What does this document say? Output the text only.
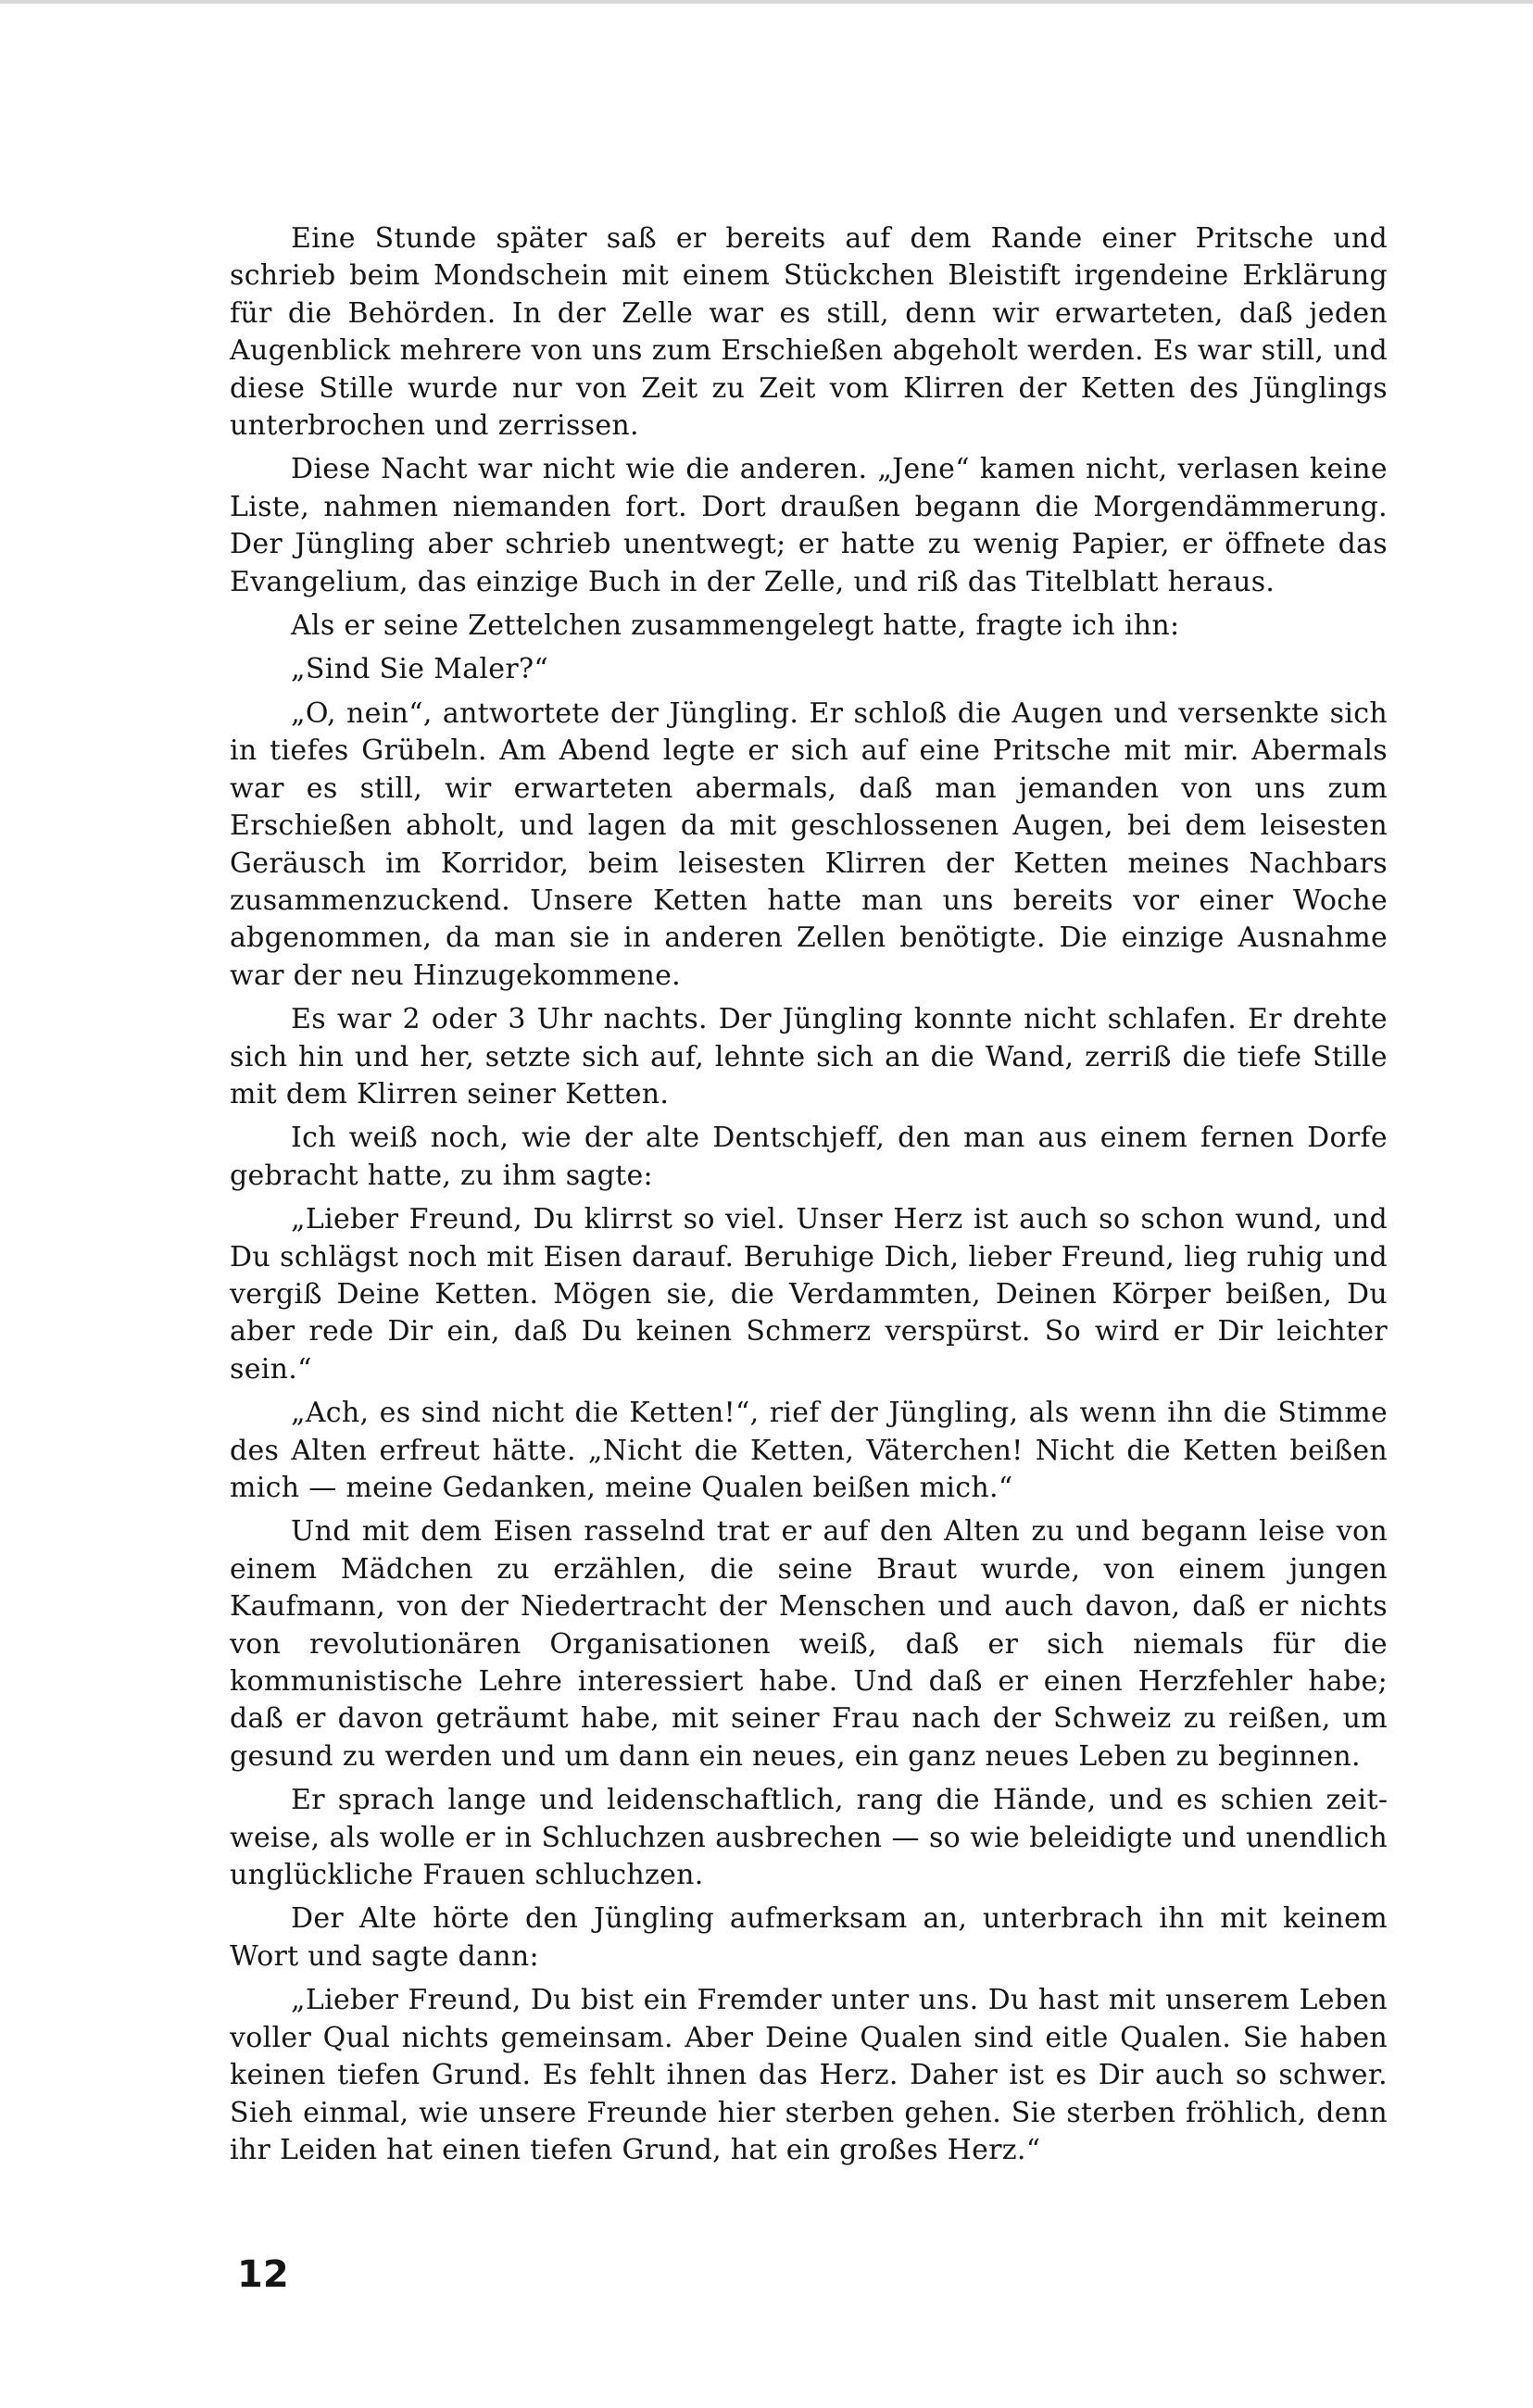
Eine Stunde später saß er bereits auf dem Rande einer Pritsche und schrieb beim Mondschein mit einem Stückchen Bleistift irgendeine Erklärung für die Behörden. In der Zelle war es still, denn wir erwarteten, daß jeden Augenblick mehrere von uns zum Erschießen abgeholt werden. Es war still, und diese Stille wurde nur von Zeit zu Zeit vom Klirren der Ketten des Jünglings unterbrochen und zerrissen.

Diese Nacht war nicht wie die anderen. „Jene“ kamen nicht, verlasen keine Liste, nahmen niemanden fort. Dort draußen begann die Morgendämmerung. Der Jüngling aber schrieb unentwegt; er hatte zu wenig Papier, er öffnete das Evangelium, das einzige Buch in der Zelle, und riß das Titelblatt heraus.

Als er seine Zettelchen zusammengelegt hatte, fragte ich ihn:

„Sind Sie Maler?“

„O, nein“, antwortete der Jüngling. Er schloß die Augen und versenkte sich in tiefes Grübeln. Am Abend legte er sich auf eine Pritsche mit mir. Abermals war es still, wir erwarteten abermals, daß man jemanden von uns zum Erschießen abholt, und lagen da mit geschlossenen Augen, bei dem leisesten Geräusch im Korridor, beim leisesten Klirren der Ketten meines Nachbars zusammenzuckend. Unsere Ketten hatte man uns bereits vor einer Woche abgenommen, da man sie in anderen Zellen benötigte. Die einzige Ausnahme war der neu Hinzugekommene.

Es war 2 oder 3 Uhr nachts. Der Jüngling konnte nicht schlafen. Er drehte sich hin und her, setzte sich auf, lehnte sich an die Wand, zerriß die tiefe Stille mit dem Klirren seiner Ketten.

Ich weiß noch, wie der alte Dentschjeff, den man aus einem fernen Dorfe gebracht hatte, zu ihm sagte:

„Lieber Freund, Du klirrst so viel. Unser Herz ist auch so schon wund, und Du schlägst noch mit Eisen darauf. Beruhige Dich, lieber Freund, lieg ruhig und vergiß Deine Ketten. Mögen sie, die Verdammten, Deinen Körper beißen, Du aber rede Dir ein, daß Du keinen Schmerz verspürst. So wird er Dir leichter sein.“

„Ach, es sind nicht die Ketten!“, rief der Jüngling, als wenn ihn die Stimme des Alten erfreut hätte. „Nicht die Ketten, Väterchen! Nicht die Ketten beißen mich — meine Gedanken, meine Qualen beißen mich.“

Und mit dem Eisen rasselnd trat er auf den Alten zu und begann leise von einem Mädchen zu erzählen, die seine Braut wurde, von einem jungen Kaufmann, von der Niedertracht der Menschen und auch davon, daß er nichts von revolutionären Organisationen weiß, daß er sich niemals für die kommunistische Lehre interessiert habe. Und daß er einen Herzfehler habe; daß er davon geträumt habe, mit seiner Frau nach der Schweiz zu reißen, um gesund zu werden und um dann ein neues, ein ganz neues Leben zu beginnen.

Er sprach lange und leidenschaftlich, rang die Hände, und es schien zeitweise, als wolle er in Schluchzen ausbrechen — so wie beleidigte und unendlich unglückliche Frauen schluchzen.

Der Alte hörte den Jüngling aufmerksam an, unterbrach ihn mit keinem Wort und sagte dann:

„Lieber Freund, Du bist ein Fremder unter uns. Du hast mit unserem Leben voller Qual nichts gemeinsam. Aber Deine Qualen sind eitle Qualen. Sie haben keinen tiefen Grund. Es fehlt ihnen das Herz. Daher ist es Dir auch so schwer. Sieh einmal, wie unsere Freunde hier sterben gehen. Sie sterben fröhlich, denn ihr Leiden hat einen tiefen Grund, hat ein großes Herz.“

12
